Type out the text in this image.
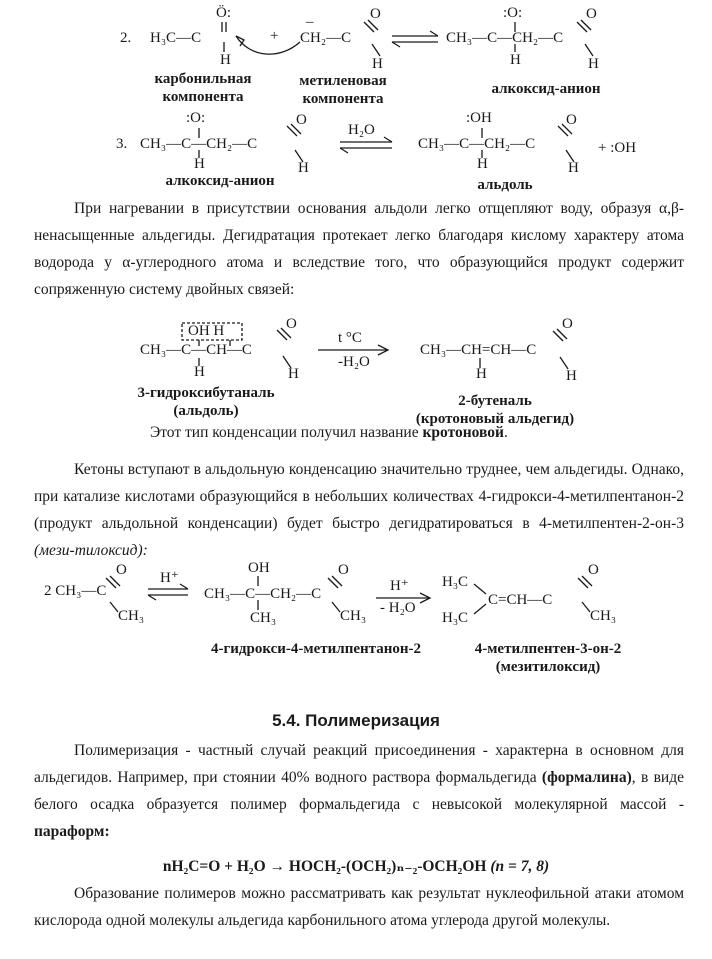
2. H₃C—C
Ö:
H
+
–
CH₂—C
O
H
CH₃—C—CH₂—C
:O:
H
O
H
карбонильная
компонента
метиленовая
компонента
алкоксид-анион
3. CH₃—C—CH₂—C
:O:
H
O
H
H₂O
CH₃—C—CH₂—C
:OH
H
O
H
+ :OH
алкоксид-анион	альдоль

При нагревании в присутствии основания альдоли легко отщепляют воду, образуя α,β-ненасыщенные альдегиды. Дегидратация протекает легко благодаря кислому характеру атома водорода у α-углеродного атома и вследствие того, что образующийся продукт содержит сопряженную систему двойных связей:

OH H
CH₃—C—CH—C
H
O
H
t °C
-H₂O
CH₃—CH=CH—C
H
O
H
3-гидроксибутаналь
(альдоль)
2-бутеналь
(кротоновый альдегид)
Этот тип конденсации получил название кротоновой.

Кетоны вступают в альдольную конденсацию значительно труднее, чем альдегиды. Однако, при катализе кислотами образующийся в небольших количествах 4-гидрокси-4-метилпентанон-2 (продукт альдольной конденсации) будет быстро дегидратироваться в 4-метилпентен-2-он-3 (мези-тилоксид):

2 CH₃—C
O
CH₃
H⁺
CH₃—C—CH₂—C
OH
CH₃
O
CH₃
H⁺
- H₂O
H₃C
H₃C
C=CH—C
O
CH₃
4-гидрокси-4-метилпентанон-2	4-метилпентен-3-он-2
(мезитилоксид)
5.4. Полимеризация

Полимеризация - частный случай реакций присоединения - характерна в основном для альдегидов. Например, при стоянии 40% водного раствора формальдегида (формалина), в виде белого осадка образуется полимер формальдегида с невысокой молекулярной массой - параформ:

nH₂C=O + H₂O → HOCH₂-(OCH₂)ₙ₋₂-OCH₂OH (n = 7, 8)

Образование полимеров можно рассматривать как результат нуклеофильной атаки атомом кислорода одной молекулы альдегида карбонильного атома углерода другой молекулы.
